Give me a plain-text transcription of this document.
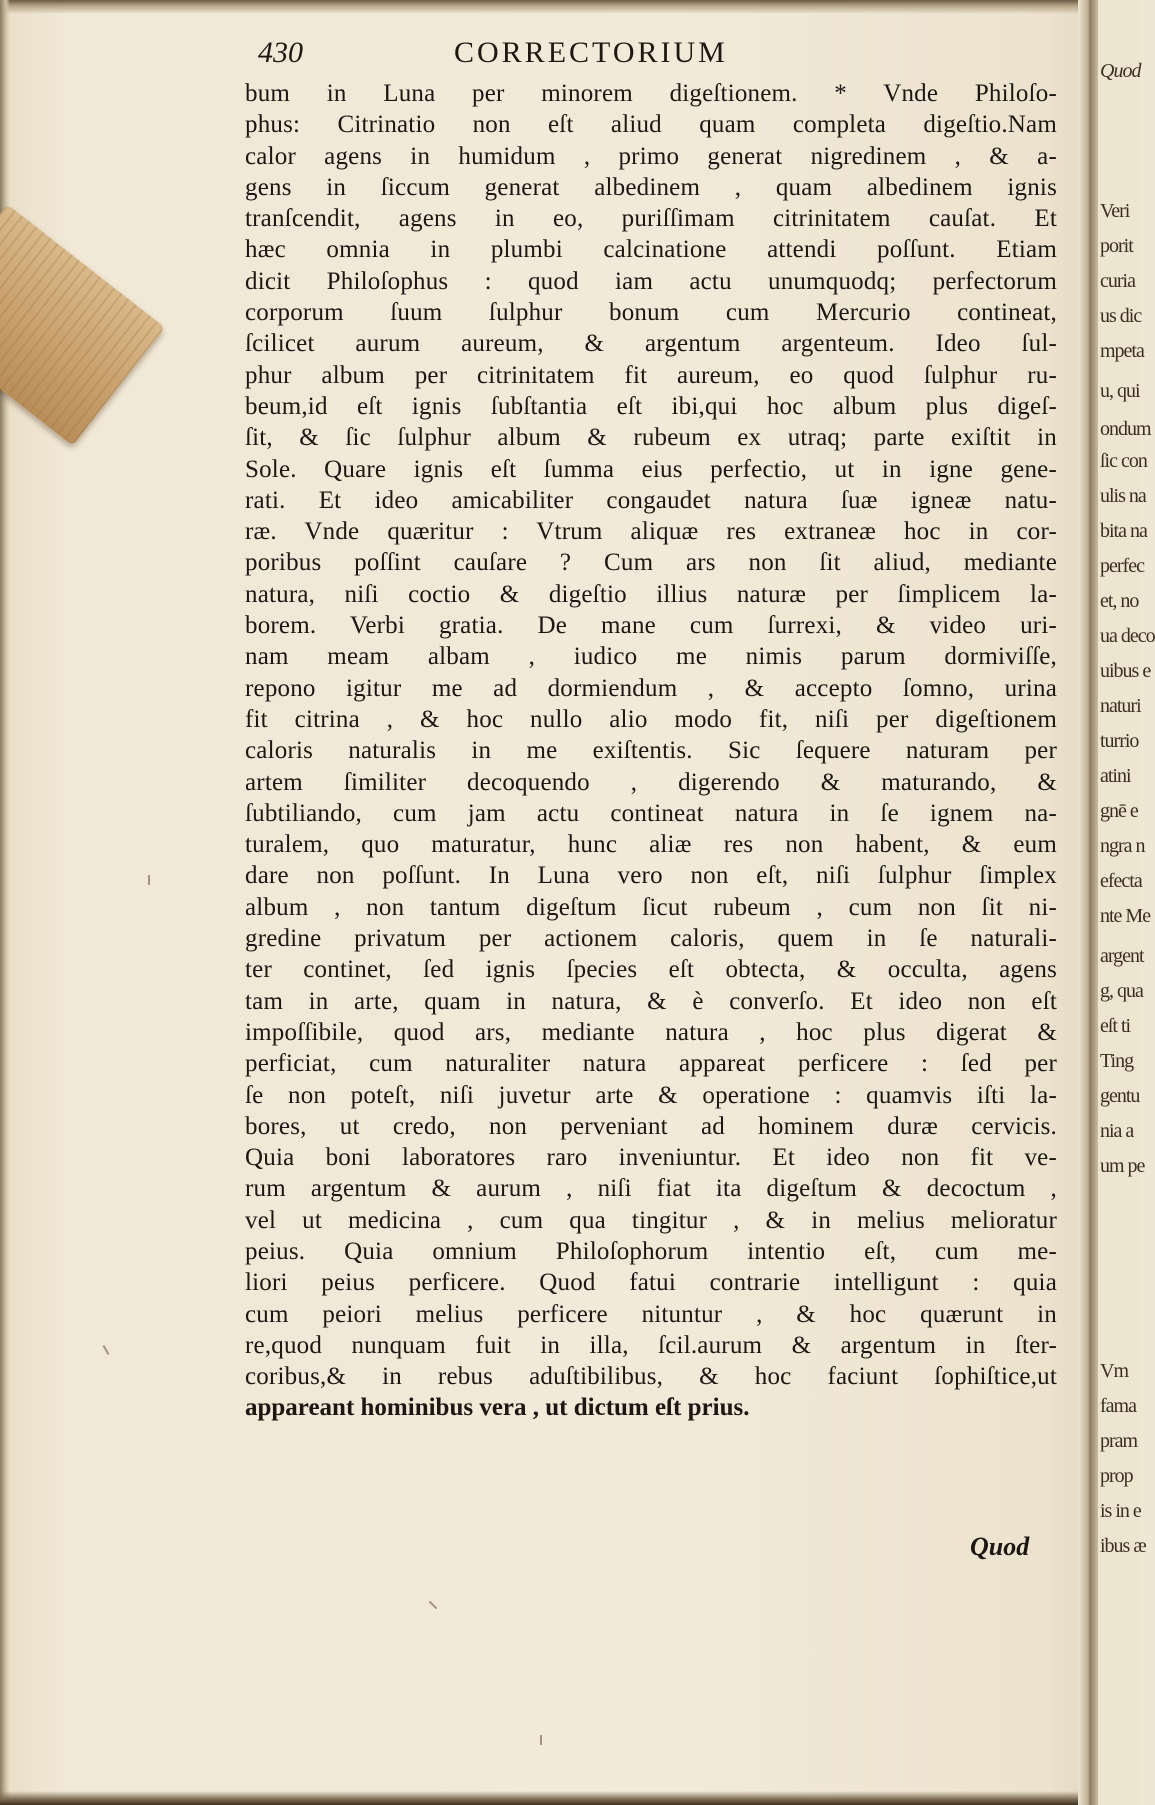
Quod
Veri
porit
curia
us dic
mpeta
u, qui
ondum
ſic con
ulis na
bita na
perfec
et, no
ua deco
uibus e
naturi
turrio
atini
gnē e
ngra n
efecta
nte Me
argent
g, qua
eſt ti
Ting
gentu
nia a
um pe
Vm
fama
pram
prop
is in e
ibus æ
430	CORRECTORIUM
bum in Luna per minorem digeſtionem. * Vnde Philoſo-
phus: Citrinatio non eſt aliud quam completa digeſtio.Nam
calor agens in humidum , primo generat nigredinem , & a-
gens in ſiccum generat albedinem , quam albedinem ignis
tranſcendit, agens in eo, puriſſimam citrinitatem cauſat. Et
hæc omnia in plumbi calcinatione attendi poſſunt. Etiam
dicit Philoſophus : quod iam actu unumquodq; perfectorum
corporum ſuum ſulphur bonum cum Mercurio contineat,
ſcilicet aurum aureum, & argentum argenteum. Ideo ſul-
phur album per citrinitatem fit aureum, eo quod ſulphur ru-
beum,id eſt ignis ſubſtantia eſt ibi,qui hoc album plus digeſ-
ſit, & ſic ſulphur album & rubeum ex utraq; parte exiſtit in
Sole. Quare ignis eſt ſumma eius perfectio, ut in igne gene-
rati. Et ideo amicabiliter congaudet natura ſuæ igneæ natu-
ræ. Vnde quæritur : Vtrum aliquæ res extraneæ hoc in cor-
poribus poſſint cauſare ? Cum ars non ſit aliud, mediante
natura, niſi coctio & digeſtio illius naturæ per ſimplicem la-
borem. Verbi gratia. De mane cum ſurrexi, & video uri-
nam meam albam , iudico me nimis parum dormiviſſe,
repono igitur me ad dormiendum , & accepto ſomno, urina
fit citrina , & hoc nullo alio modo fit, niſi per digeſtionem
caloris naturalis in me exiſtentis. Sic ſequere naturam per
artem ſimiliter decoquendo , digerendo & maturando, &
ſubtiliando, cum jam actu contineat natura in ſe ignem na-
turalem, quo maturatur, hunc aliæ res non habent, & eum
dare non poſſunt. In Luna vero non eſt, niſi ſulphur ſimplex
album , non tantum digeſtum ſicut rubeum , cum non ſit ni-
gredine privatum per actionem caloris, quem in ſe naturali-
ter continet, ſed ignis ſpecies eſt obtecta, & occulta, agens
tam in arte, quam in natura, & è converſo. Et ideo non eſt
impoſſibile, quod ars, mediante natura , hoc plus digerat &
perficiat, cum naturaliter natura appareat perficere : ſed per
ſe non poteſt, niſi juvetur arte & operatione : quamvis iſti la-
bores, ut credo, non perveniant ad hominem duræ cervicis.
Quia boni laboratores raro inveniuntur. Et ideo non fit ve-
rum argentum & aurum , niſi fiat ita digeſtum & decoctum ,
vel ut medicina , cum qua tingitur , & in melius melioratur
peius. Quia omnium Philoſophorum intentio eſt, cum me-
liori peius perficere. Quod fatui contrarie intelligunt : quia
cum peiori melius perficere nituntur , & hoc quærunt in
re,quod nunquam fuit in illa, ſcil.aurum & argentum in ſter-
coribus,& in rebus aduſtibilibus, & hoc faciunt ſophiſtice,ut
appareant hominibus vera , ut dictum eſt prius.
Quod
